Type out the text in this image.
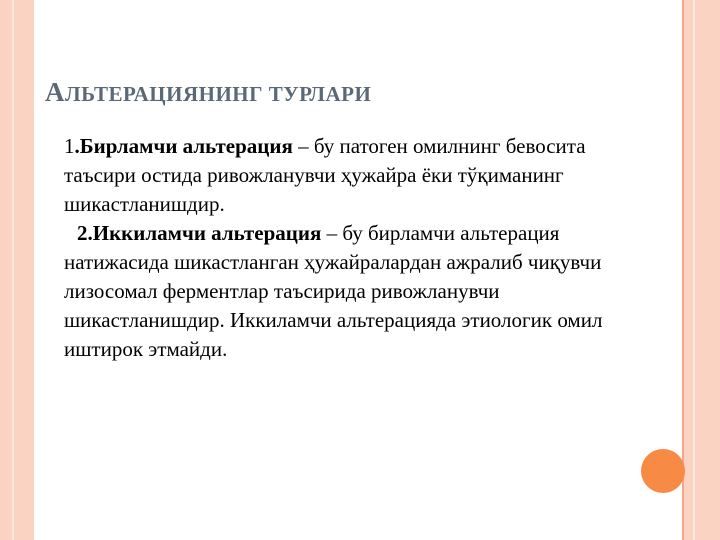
АЛЬТЕРАЦИЯНИНГ ТУРЛАРИ

1.Бирламчи альтерация – бу патоген омилнинг бевосита таъсири остида ривожланувчи ҳужайра ёки тўқиманинг шикастланишдир.

2.Иккиламчи альтерация – бу бирламчи альтерация натижасида шикастланган ҳужайралардан ажралиб чиқувчи лизосомал ферментлар таъсирида ривожланувчи шикастланишдир. Иккиламчи альтерацияда этиологик омил иштирок этмайди.
